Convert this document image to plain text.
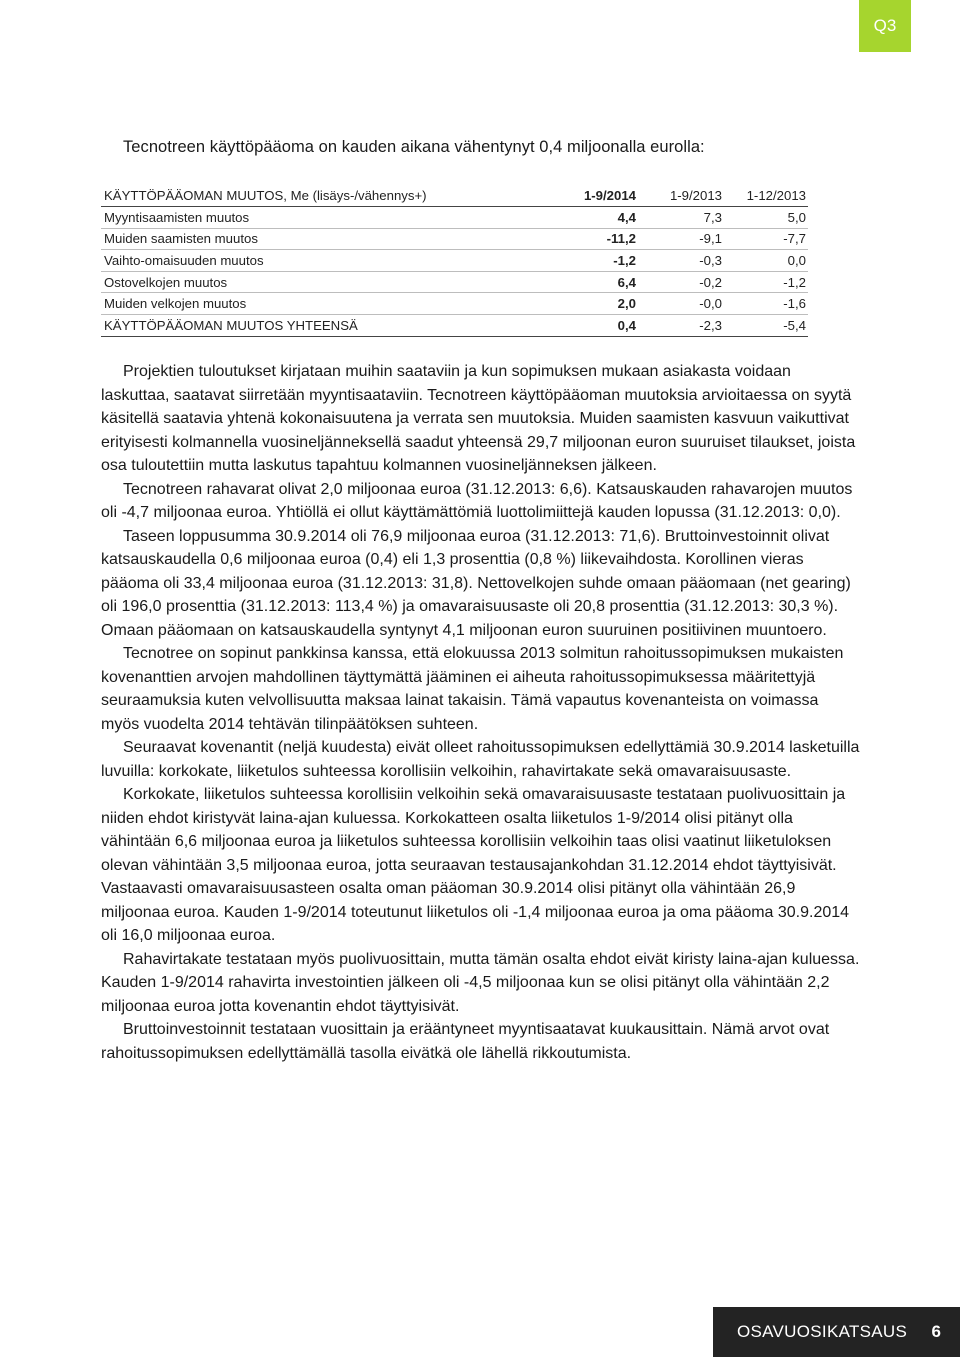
Q3
Tecnotreen käyttöpääoma on kauden aikana vähentynyt 0,4 miljoonalla eurolla:
KÄYTTÖPÄÄOMAN MUUTOS, Me (lisäys-/vähennys+)	1-9/2014	1-9/2013	1-12/2013
Myyntisaamisten muutos	4,4	7,3	5,0
Muiden saamisten muutos	-11,2	-9,1	-7,7
Vaihto-omaisuuden muutos	-1,2	-0,3	0,0
Ostovelkojen muutos	6,4	-0,2	-1,2
Muiden velkojen muutos	2,0	-0,0	-1,6
KÄYTTÖPÄÄOMAN MUUTOS YHTEENSÄ	0,4	-2,3	-5,4

Projektien tuloutukset kirjataan muihin saataviin ja kun sopimuksen mukaan asiakasta voidaan laskuttaa, saatavat siirretään myyntisaataviin. Tecnotreen käyttöpääoman muutoksia arvioitaessa on syytä käsitellä saatavia yhtenä kokonaisuutena ja verrata sen muutoksia. Muiden saamisten kasvuun vaikuttivat erityisesti kolmannella vuosineljänneksellä saadut yhteensä 29,7 miljoonan euron suuruiset tilaukset, joista osa tuloutettiin mutta laskutus tapahtuu kolmannen vuosineljänneksen jälkeen.

Tecnotreen rahavarat olivat 2,0 miljoonaa euroa (31.12.2013: 6,6). Katsauskauden rahavarojen muutos oli -4,7 miljoonaa euroa. Yhtiöllä ei ollut käyttämättömiä luottolimiittejä kauden lopussa (31.12.2013: 0,0).

Taseen loppusumma 30.9.2014 oli 76,9 miljoonaa euroa (31.12.2013: 71,6). Bruttoinvestoinnit olivat katsauskaudella 0,6 miljoonaa euroa (0,4) eli 1,3 prosenttia (0,8 %) liikevaihdosta. Korollinen vieras pääoma oli 33,4 miljoonaa euroa (31.12.2013: 31,8). Nettovelkojen suhde omaan pääomaan (net gearing) oli 196,0 prosenttia (31.12.2013: 113,4 %) ja omavaraisuusaste oli 20,8 prosenttia (31.12.2013: 30,3 %). Omaan pääomaan on katsauskaudella syntynyt 4,1 miljoonan euron suuruinen positiivinen muuntoero.

Tecnotree on sopinut pankkinsa kanssa, että elokuussa 2013 solmitun rahoitussopimuksen mukaisten kovenanttien arvojen mahdollinen täyttymättä jääminen ei aiheuta rahoitussopimuksessa määritettyjä seuraamuksia kuten velvollisuutta maksaa lainat takaisin. Tämä vapautus kovenanteista on voimassa myös vuodelta 2014 tehtävän tilinpäätöksen suhteen.

Seuraavat kovenantit (neljä kuudesta) eivät olleet rahoitussopimuksen edellyttämiä 30.9.2014 lasketuilla luvuilla: korkokate, liiketulos suhteessa korollisiin velkoihin, rahavirtakate sekä omavaraisuusaste.

Korkokate, liiketulos suhteessa korollisiin velkoihin sekä omavaraisuusaste testataan puolivuosittain ja niiden ehdot kiristyvät laina-ajan kuluessa. Korkokatteen osalta liiketulos 1-9/2014 olisi pitänyt olla vähintään 6,6 miljoonaa euroa ja liiketulos suhteessa korollisiin velkoihin taas olisi vaatinut liiketuloksen olevan vähintään 3,5 miljoonaa euroa, jotta seuraavan testausajankohdan 31.12.2014 ehdot täyttyisivät. Vastaavasti omavaraisuusasteen osalta oman pääoman 30.9.2014 olisi pitänyt olla vähintään 26,9 miljoonaa euroa. Kauden 1-9/2014 toteutunut liiketulos oli -1,4 miljoonaa euroa ja oma pääoma 30.9.2014 oli 16,0 miljoonaa euroa.

Rahavirtakate testataan myös puolivuosittain, mutta tämän osalta ehdot eivät kiristy laina-ajan kuluessa. Kauden 1-9/2014 rahavirta investointien jälkeen oli -4,5 miljoonaa kun se olisi pitänyt olla vähintään 2,2 miljoonaa euroa jotta kovenantin ehdot täyttyisivät.

Bruttoinvestoinnit testataan vuosittain ja erääntyneet myyntisaatavat kuukausittain. Nämä arvot ovat rahoitussopimuksen edellyttämällä tasolla eivätkä ole lähellä rikkoutumista.

OSAVUOSIKATSAUS 6
